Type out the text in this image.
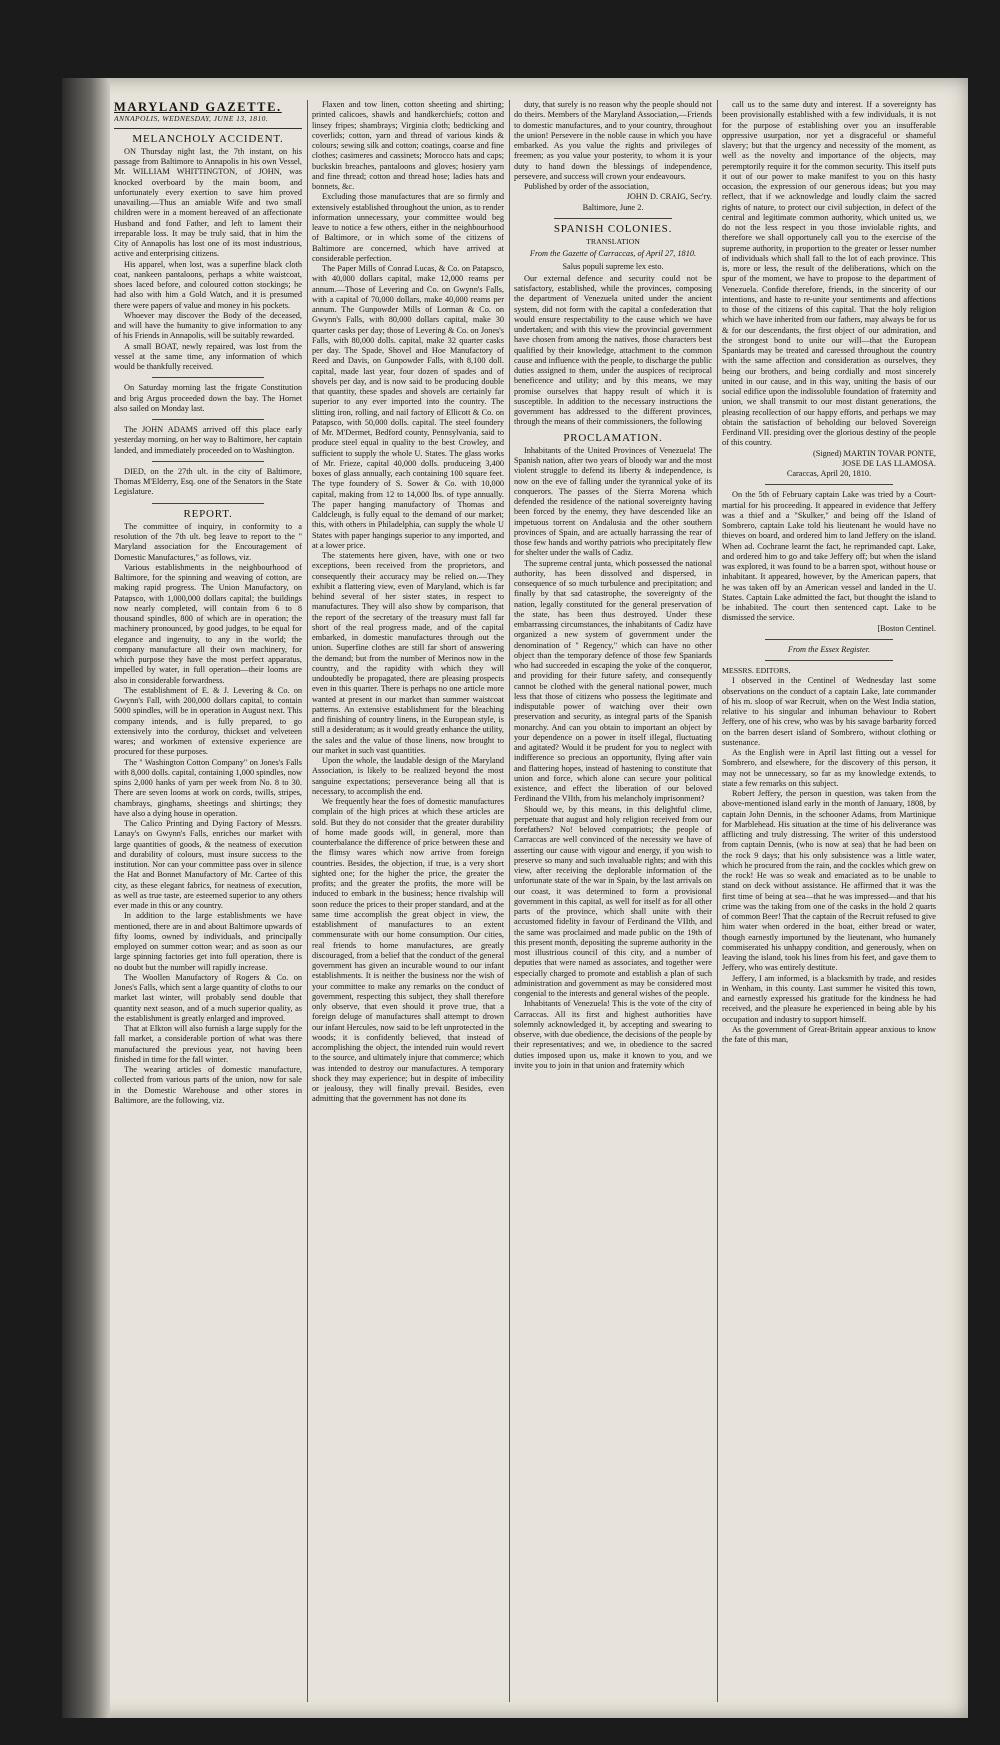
MARYLAND GAZETTE.
ANNAPOLIS, WEDNESDAY, JUNE 13, 1810.
MELANCHOLY ACCIDENT.

ON Thursday night last, the 7th instant, on his passage from Baltimore to Annapolis in his own Vessel, Mr. WILLIAM WHITTINGTON, of JOHN, was knocked overboard by the main boom, and unfortunately every exertion to save him proved unavailing.—Thus an amiable Wife and two small children were in a moment bereaved of an affectionate Husband and fond Father, and left to lament their irreparable loss. It may be truly said, that in him the City of Annapolis has lost one of its most industrious, active and enterprising citizens.

His apparel, when lost, was a superfine black cloth coat, nankeen pantaloons, perhaps a white waistcoat, shoes laced before, and coloured cotton stockings; he had also with him a Gold Watch, and it is presumed there were papers of value and money in his pockets.

Whoever may discover the Body of the deceased, and will have the humanity to give information to any of his Friends in Annapolis, will be suitably rewarded.

A small BOAT, newly repaired, was lost from the vessel at the same time, any information of which would be thankfully received.

On Saturday morning last the frigate Constitution and brig Argus proceeded down the bay. The Hornet also sailed on Monday last.

The JOHN ADAMS arrived off this place early yesterday morning, on her way to Baltimore, her captain landed, and immediately proceeded on to Washington.

DIED, on the 27th ult. in the city of Baltimore, Thomas M'Elderry, Esq. one of the Senators in the State Legislature.

REPORT.

The committee of inquiry, in conformity to a resolution of the 7th ult. beg leave to report to the " Maryland association for the Encouragement of Domestic Manufactures," as follows, viz.

Various establishments in the neighbourhood of Baltimore, for the spinning and weaving of cotton, are making rapid progress. The Union Manufactory, on Patapsco, with 1,000,000 dollars capital; the buildings now nearly completed, will contain from 6 to 8 thousand spindles, 800 of which are in operation; the machinery pronounced, by good judges, to be equal for elegance and ingenuity, to any in the world; the company manufacture all their own machinery, for which purpose they have the most perfect apparatus, impelled by water, in full operation—their looms are also in considerable forwardness.

The establishment of E. & J. Levering & Co. on Gwynn's Fall, with 200,000 dollars capital, to contain 5000 spindles, will be in operation in August next. This company intends, and is fully prepared, to go extensively into the corduroy, thickset and velveteen wares; and workmen of extensive experience are procured for these purposes.

The " Washington Cotton Company" on Jones's Falls with 8,000 dolls. capital, containing 1,000 spindles, now spins 2,000 hanks of yarn per week from No. 8 to 30. There are seven looms at work on cords, twills, stripes, chambrays, ginghams, sheetings and shirtings; they have also a dying house in operation.

The Calico Printing and Dying Factory of Messrs. Lanay's on Gwynn's Falls, enriches our market with large quantities of goods, & the neatness of execution and durability of colours, must insure success to the institution. Nor can your committee pass over in silence the Hat and Bonnet Manufactory of Mr. Cartee of this city, as these elegant fabrics, for neatness of execution, as well as true taste, are esteemed superior to any others ever made in this or any country.

In addition to the large establishments we have mentioned, there are in and about Baltimore upwards of fifty looms, owned by individuals, and principally employed on summer cotton wear; and as soon as our large spinning factories get into full operation, there is no doubt but the number will rapidly increase.

The Woollen Manufactory of Rogers & Co. on Jones's Falls, which sent a large quantity of cloths to our market last winter, will probably send double that quantity next season, and of a much superior quality, as the establishment is greatly enlarged and improved.

That at Elkton will also furnish a large supply for the fall market, a considerable portion of what was there manufactured the previous year, not having been finished in time for the fall winter.

The wearing articles of domestic manufacture, collected from various parts of the union, now for sale in the Domestic Warehouse and other stores in Baltimore, are the following, viz.

Flaxen and tow linen, cotton sheeting and shirting; printed calicoes, shawls and handkerchiefs; cotton and linsey fripes; shambrays; Virginia cloth; bedticking and coverlids; cotton, yarn and thread of various kinds & colours; sewing silk and cotton; coatings, coarse and fine clothes; casimeres and cassinets; Morocco hats and caps; buckskin breaches, pantaloons and gloves; hosiery yarn and fine thread; cotton and thread hose; ladies hats and bonnets, &c.

Excluding those manufactures that are so firmly and extensively established throughout the union, as to render information unnecessary, your committee would beg leave to notice a few others, either in the neighbourhood of Baltimore, or in which some of the citizens of Baltimore are concerned, which have arrived at considerable perfection.

The Paper Mills of Conrad Lucas, & Co. on Patapsco, with 40,000 dollars capital, make 12,000 reams per annum.—Those of Levering and Co. on Gwynn's Falls, with a capital of 70,000 dollars, make 40,000 reams per annum. The Gunpowder Mills of Lorman & Co. on Gwynn's Falls, with 80,000 dollars capital, make 30 quarter casks per day; those of Levering & Co. on Jones's Falls, with 80,000 dolls. capital, make 32 quarter casks per day. The Spade, Shovel and Hoe Manufactory of Reed and Davis, on Gunpowder Falls, with 8,100 doll. capital, made last year, four dozen of spades and of shovels per day, and is now said to be producing double that quantity, these spades and shovels are certainly far superior to any ever imported into the country. The slitting iron, rolling, and nail factory of Ellicott & Co. on Patapsco, with 50,000 dolls. capital. The steel foundery of Mr. M'Dermet, Bedford county, Pennsylvania, said to produce steel equal in quality to the best Crowley, and sufficient to supply the whole U. States. The glass works of Mr. Frieze, capital 40,000 dolls. produceing 3,400 boxes of glass annually, each containing 100 square feet. The type foundery of S. Sower & Co. with 10,000 capital, making from 12 to 14,000 lbs. of type annually. The paper hanging manufactory of Thomas and Caldcleugh, is fully equal to the demand of our market; this, with others in Philadelphia, can supply the whole U States with paper hangings superior to any imported, and at a lower price.

The statements here given, have, with one or two exceptions, been received from the proprietors, and consequently their accuracy may be relied on.—They exhibit a flattering view, even of Maryland, which is far behind several of her sister states, in respect to manufactures. They will also show by comparison, that the report of the secretary of the treasury must fall far short of the real progress made, and of the capital embarked, in domestic manufactures through out the union. Superfine clothes are still far short of answering the demand; but from the number of Merinos now in the country, and the rapidity with which they will undoubtedly be propagated, there are pleasing prospects even in this quarter. There is perhaps no one article more wanted at present in our market than summer waistcoat patterns. An extensive establishment for the bleaching and finishing of country linens, in the European style, is still a desideratum; as it would greatly enhance the utility, the sales and the value of those linens, now brought to our market in such vast quantities.

Upon the whole, the laudable design of the Maryland Association, is likely to be realized beyond the most sanguine expectations; perseverance being all that is necessary, to accomplish the end.

We frequently hear the foes of domestic manufactures complain of the high prices at which these articles are sold. But they do not consider that the greater durability of home made goods will, in general, more than counterbalance the difference of price between these and the flimsy wares which now arrive from foreign countries. Besides, the objection, if true, is a very short sighted one; for the higher the price, the greater the profits; and the greater the profits, the more will be induced to embark in the business; hence rivalship will soon reduce the prices to their proper standard, and at the same time accomplish the great object in view, the establishment of manufactures to an extent commensurate with our home consumption. Our cities, real friends to home manufactures, are greatly discouraged, from a belief that the conduct of the general government has given an incurable wound to our infant establishments. It is neither the business nor the wish of your committee to make any remarks on the conduct of government, respecting this subject, they shall therefore only observe, that even should it prove true, that a foreign deluge of manufactures shall attempt to drown our infant Hercules, now said to be left unprotected in the woods; it is confidently believed, that instead of accomplishing the object, the intended ruin would revert to the source, and ultimately injure that commerce; which was intended to destroy our manufactures. A temporary shock they may experience; but in despite of imbecility or jealousy, they will finally prevail. Besides, even admitting that the government has not done its

duty, that surely is no reason why the people should not do theirs. Members of the Maryland Association,—Friends to domestic manufactures, and to your country, throughout the union! Persevere in the noble cause in which you have embarked. As you value the rights and privileges of freemen; as you value your posterity, to whom it is your duty to hand down the blessings of independence, persevere, and success will crown your endeavours.

Published by order of the association,

JOHN D. CRAIG, Sec'ry.

Baltimore, June 2.

SPANISH COLONIES.
TRANSLATION
From the Gazette of Carraccas, of April 27, 1810.
Salus populi supreme lex esto.

Our external defence and security could not be satisfactory, established, while the provinces, composing the department of Venezuela united under the ancient system, did not form with the capital a confederation that would ensure respectability to the cause which we have undertaken; and with this view the provincial government have chosen from among the natives, those characters best qualified by their knowledge, attachment to the common cause and influence with the people, to discharge the public duties assigned to them, under the auspices of reciprocal beneficence and utility; and by this means, we may promise ourselves that happy result of which it is susceptible. In addition to the necessary instructions the government has addressed to the different provinces, through the means of their commissioners, the following

PROCLAMATION.

Inhabitants of the United Provinces of Venezuela! The Spanish nation, after two years of bloody war and the most violent struggle to defend its liberty & independence, is now on the eve of falling under the tyrannical yoke of its conquerors. The passes of the Sierra Morena which defended the residence of the national sovereignty having been forced by the enemy, they have descended like an impetuous torrent on Andalusia and the other southern provinces of Spain, and are actually harrassing the rear of those few hands and worthy patriots who precipitately flew for shelter under the walls of Cadiz.

The supreme central junta, which possessed the national authority, has been dissolved and dispersed, in consequence of so much turbulence and precipitation; and finally by that sad catastrophe, the sovereignty of the nation, legally constituted for the general preservation of the state, has been thus destroyed. Under these embarrassing circumstances, the inhabitants of Cadiz have organized a new system of government under the denomination of " Regency," which can have no other object than the temporary defence of those few Spaniards who had succeeded in escaping the yoke of the conqueror, and providing for their future safety, and consequently cannot be clothed with the general national power, much less that those of citizens who possess the legitimate and indisputable power of watching over their own preservation and security, as integral parts of the Spanish monarchy. And can you obtain to important an object by your dependence on a power in itself illegal, fluctuating and agitated? Would it be prudent for you to neglect with indifference so precious an opportunity, flying after vain and flattering hopes, instead of hastening to constitute that union and force, which alone can secure your political existence, and effect the liberation of our beloved Ferdinand the VIIth, from his melancholy imprisonment?

Should we, by this means, in this delightful clime, perpetuate that august and holy religion received from our forefathers? No! beloved compatriots; the people of Carraccas are well convinced of the necessity we have of asserting our cause with vigour and energy, if you wish to preserve so many and such invaluable rights; and with this view, after receiving the deplorable information of the unfortunate state of the war in Spain, by the last arrivals on our coast, it was determined to form a provisional government in this capital, as well for itself as for all other parts of the province, which shall unite with their accustomed fidelity in favour of Ferdinand the VIIth, and the same was proclaimed and made public on the 19th of this present month, depositing the supreme authority in the most illustrious council of this city, and a number of deputies that were named as associates, and together were especially charged to promote and establish a plan of such administration and government as may be considered most congenial to the interests and general wishes of the people.

Inhabitants of Venezuela! This is the vote of the city of Carraccas. All its first and highest authorities have solemnly acknowledged it, by accepting and swearing to observe, with due obedience, the decisions of the people by their representatives; and we, in obedience to the sacred duties imposed upon us, make it known to you, and we invite you to join in that union and fraternity which

call us to the same duty and interest. If a sovereignty has been provisionally established with a few individuals, it is not for the purpose of establishing over you an insufferable oppressive usurpation, nor yet a disgraceful or shameful slavery; but that the urgency and necessity of the moment, as well as the novelty and importance of the objects, may peremptorily require it for the common security. This itself puts it out of our power to make manifest to you on this hasty occasion, the expression of our generous ideas; but you may reflect, that if we acknowledge and loudly claim the sacred rights of nature, to protect our civil subjection, in defect of the central and legitimate common authority, which united us, we do not the less respect in you those inviolable rights, and therefore we shall opportunely call you to the exercise of the supreme authority, in proportion to the greater or lesser number of individuals which shall fall to the lot of each province. This is, more or less, the result of the deliberations, which on the spur of the moment, we have to propose to the department of Venezuela. Confide therefore, friends, in the sincerity of our intentions, and haste to re-unite your sentiments and affections to those of the citizens of this capital. That the holy religion which we have inherited from our fathers, may always be for us & for our descendants, the first object of our admiration, and the strongest bond to unite our will—that the European Spaniards may be treated and caressed throughout the country with the same affection and consideration as ourselves, they being our brothers, and being cordially and most sincerely united in our cause, and in this way, uniting the basis of our social edifice upon the indissoluble foundation of fraternity and union, we shall transmit to our most distant generations, the pleasing recollection of our happy efforts, and perhaps we may obtain the satisfaction of beholding our beloved Sovereign Ferdinand VII. presiding over the glorious destiny of the people of this country.

(Signed) MARTIN TOVAR PONTE,

JOSE DE LAS LLAMOSA.

Caraccas, April 20, 1810.

On the 5th of February captain Lake was tried by a Court-martial for his proceeding. It appeared in evidence that Jeffery was a thief and a "Skulker," and being off the Island of Sombrero, captain Lake told his lieutenant he would have no thieves on board, and ordered him to land Jeffery on the island. When ad. Cochrane learnt the fact, he reprimanded capt. Lake, and ordered him to go and take Jeffery off; but when the island was explored, it was found to be a barren spot, without house or inhabitant. It appeared, however, by the American papers, that he was taken off by an American vessel and landed in the U. States. Captain Lake admitted the fact, but thought the island to be inhabited. The court then sentenced capt. Lake to be dismissed the service.

[Boston Centinel.

From the Essex Register.

MESSRS. EDITORS,

I observed in the Centinel of Wednesday last some observations on the conduct of a captain Lake, late commander of his m. sloop of war Recruit, when on the West India station, relative to his singular and inhuman behaviour to Robert Jeffery, one of his crew, who was by his savage barbarity forced on the barren desert island of Sombrero, without clothing or sustenance.

As the English were in April last fitting out a vessel for Sombrero, and elsewhere, for the discovery of this person, it may not be unnecessary, so far as my knowledge extends, to state a few remarks on this subject.

Robert Jeffery, the person in question, was taken from the above-mentioned island early in the month of January, 1808, by captain John Dennis, in the schooner Adams, from Martinique for Marblehead. His situation at the time of his deliverance was afflicting and truly distressing. The writer of this understood from captain Dennis, (who is now at sea) that he had been on the rock 9 days; that his only subsistence was a little water, which he procured from the rain, and the cockles which grew on the rock! He was so weak and emaciated as to be unable to stand on deck without assistance. He affirmed that it was the first time of being at sea—that he was impressed—and that his crime was the taking from one of the casks in the hold 2 quarts of common Beer! That the captain of the Recruit refused to give him water when ordered in the boat, either bread or water, though earnestly importuned by the lieutenant, who humanely commiserated his unhappy condition, and generously, when on leaving the island, took his lines from his feet, and gave them to Jeffery, who was entirely destitute.

Jeffery, I am informed, is a blacksmith by trade, and resides in Wenham, in this county. Last summer he visited this town, and earnestly expressed his gratitude for the kindness he had received, and the pleasure he experienced in being able by his occupation and industry to support himself.

As the government of Great-Britain appear anxious to know the fate of this man,
